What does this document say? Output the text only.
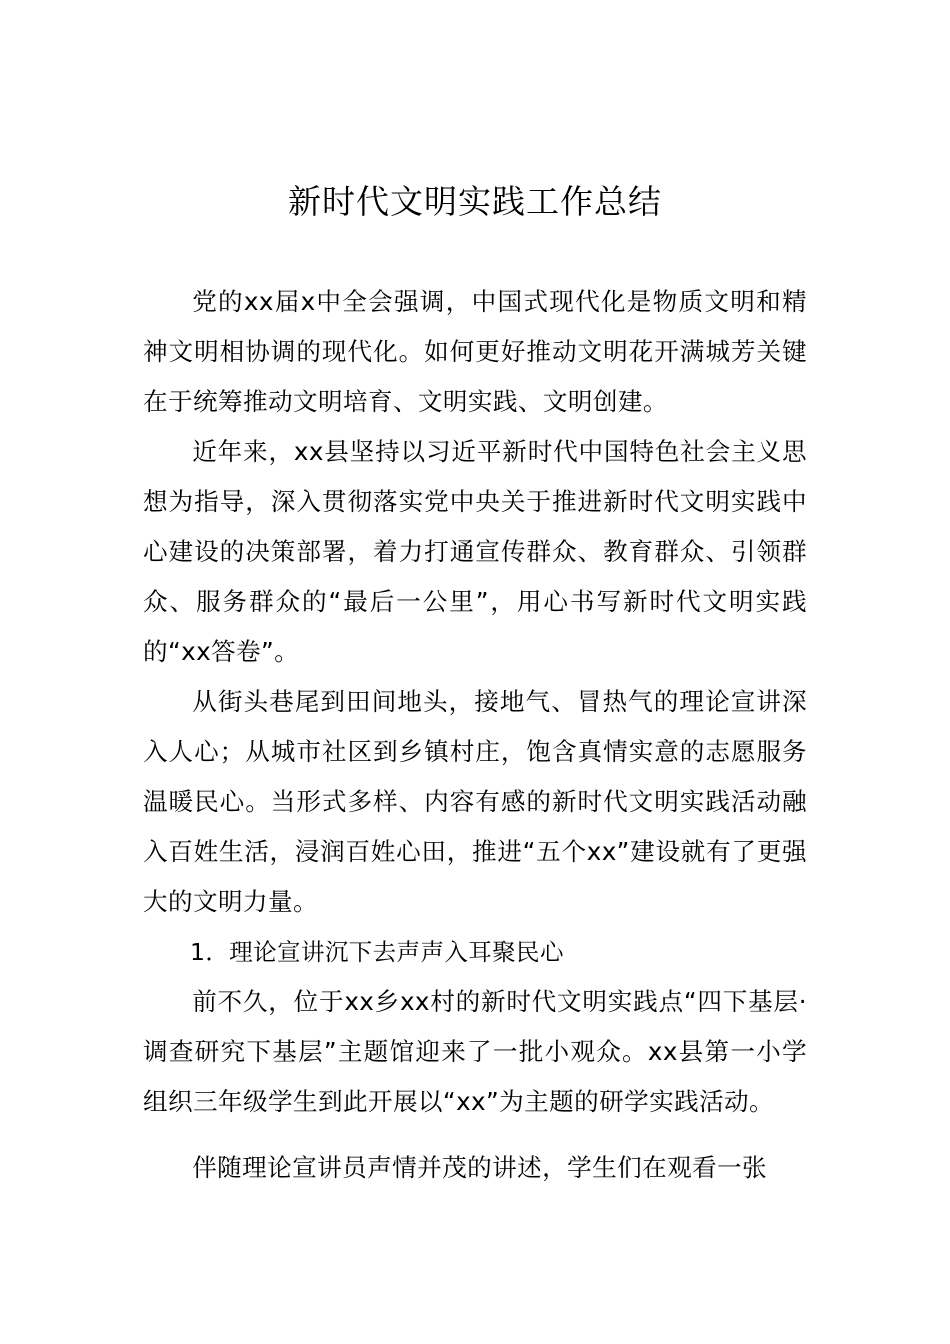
新时代文明实践工作总结

党的xx届x中全会强调，中国式现代化是物质文明和精神文明相协调的现代化。如何更好推动文明花开满城芳关键在于统筹推动文明培育、文明实践、文明创建。

近年来，xx县坚持以习近平新时代中国特色社会主义思想为指导，深入贯彻落实党中央关于推进新时代文明实践中心建设的决策部署，着力打通宣传群众、教育群众、引领群众、服务群众的“最后一公里”，用心书写新时代文明实践的“xx答卷”。

从街头巷尾到田间地头，接地气、冒热气的理论宣讲深入人心；从城市社区到乡镇村庄，饱含真情实意的志愿服务温暖民心。当形式多样、内容有感的新时代文明实践活动融入百姓生活，浸润百姓心田，推进“五个xx”建设就有了更强大的文明力量。

1．理论宣讲沉下去声声入耳聚民心

前不久，位于xx乡xx村的新时代文明实践点“四下基层·调查研究下基层”主题馆迎来了一批小观众。xx县第一小学组织三年级学生到此开展以“xx”为主题的研学实践活动。

伴随理论宣讲员声情并茂的讲述，学生们在观看一张
